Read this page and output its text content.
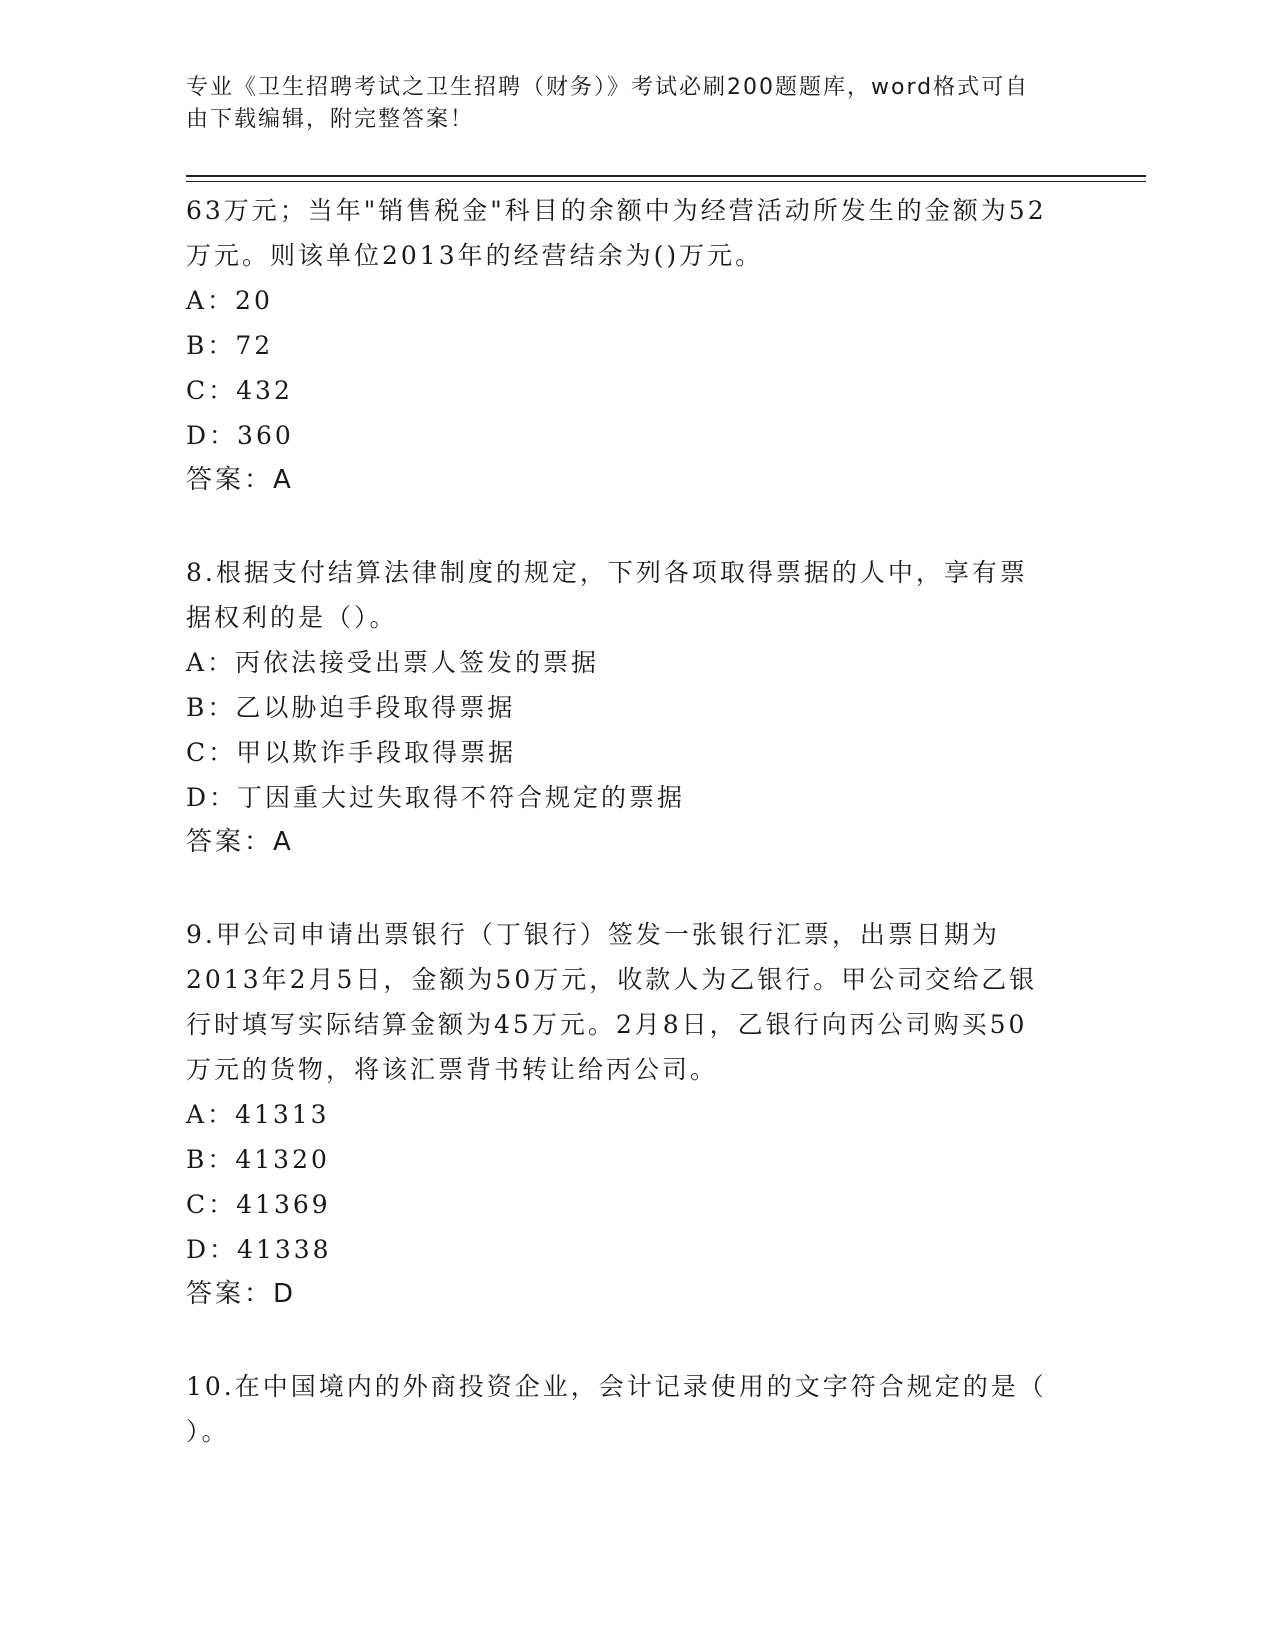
专业《卫生招聘考试之卫生招聘（财务）》考试必刷200题题库，word格式可自
由下载编辑，附完整答案！

63万元；当年"销售税金"科目的余额中为经营活动所发生的金额为52

万元。则该单位2013年的经营结余为()万元。

A：20

B：72

C：432

D：360

答案：A

8.根据支付结算法律制度的规定，下列各项取得票据的人中，享有票

据权利的是（）。

A：丙依法接受出票人签发的票据

B：乙以胁迫手段取得票据

C：甲以欺诈手段取得票据

D：丁因重大过失取得不符合规定的票据

答案：A

9.甲公司申请出票银行（丁银行）签发一张银行汇票，出票日期为

2013年2月5日，金额为50万元，收款人为乙银行。甲公司交给乙银

行时填写实际结算金额为45万元。2月8日，乙银行向丙公司购买50

万元的货物，将该汇票背书转让给丙公司。

A：41313

B：41320

C：41369

D：41338

答案：D

10.在中国境内的外商投资企业，会计记录使用的文字符合规定的是（

）。
